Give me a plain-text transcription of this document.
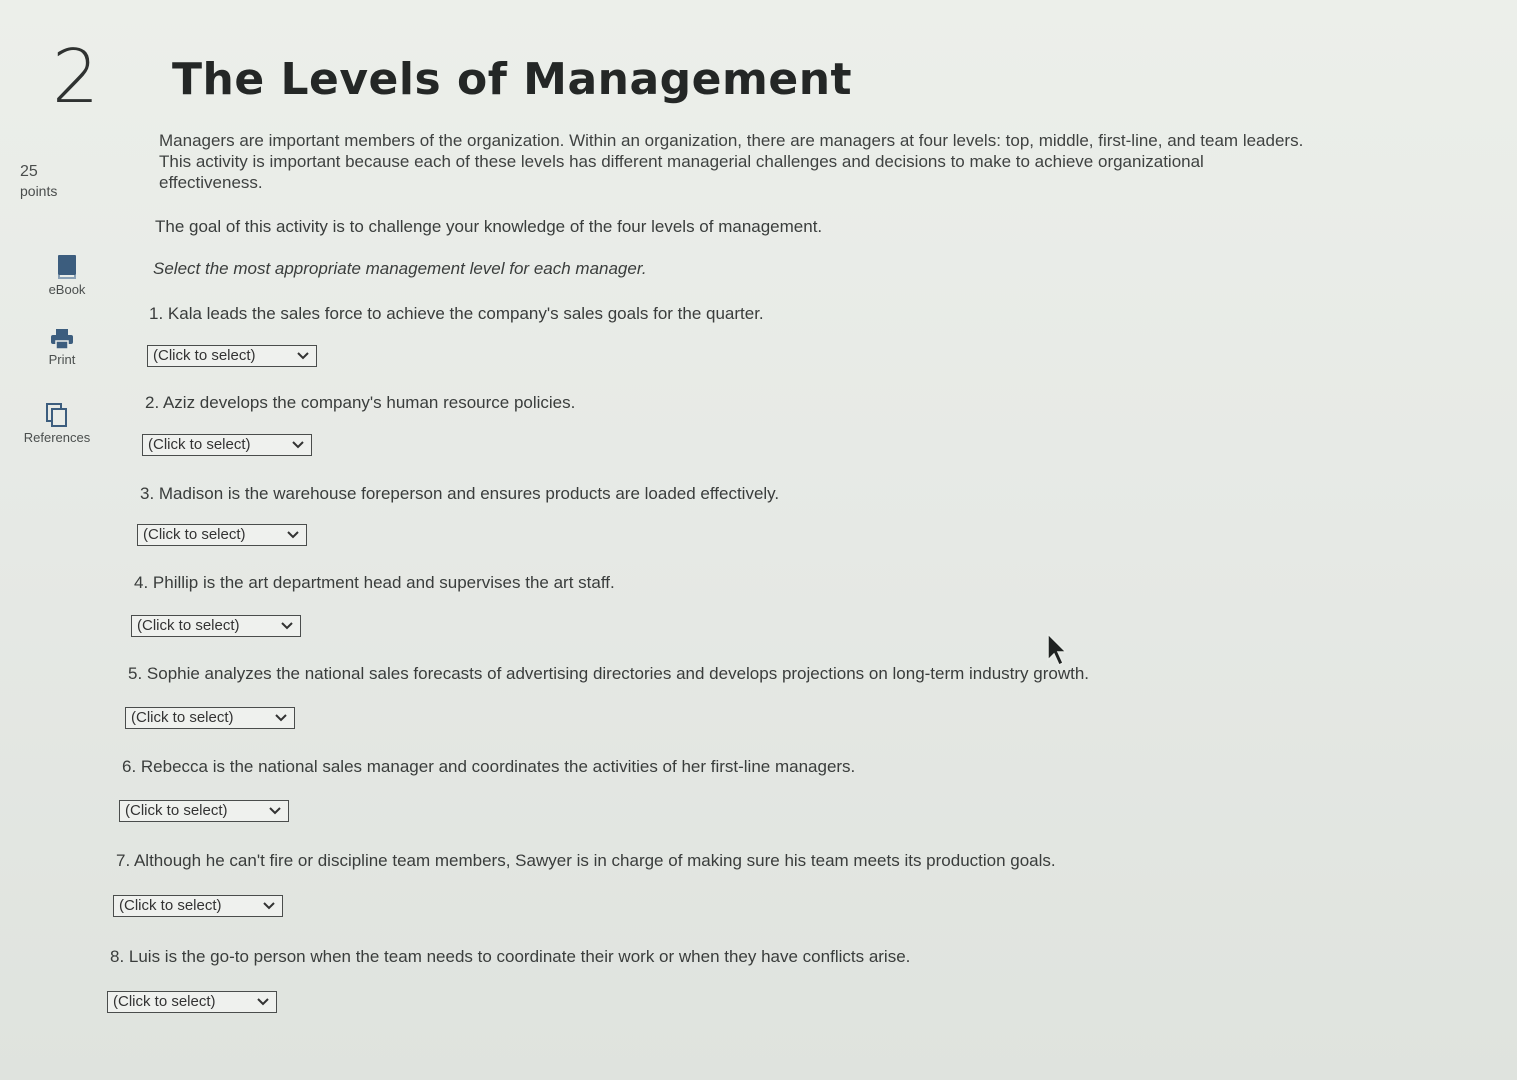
2 The Levels of Management
25
points
eBook
Print
References
Managers are important members of the organization. Within an organization, there are managers at four levels: top, middle, first-line, and team leaders. This activity is important because each of these levels has different managerial challenges and decisions to make to achieve organizational effectiveness.
The goal of this activity is to challenge your knowledge of the four levels of management.
Select the most appropriate management level for each manager.
1. Kala leads the sales force to achieve the company's sales goals for the quarter.
(Click to select)
2. Aziz develops the company's human resource policies.
(Click to select)
3. Madison is the warehouse foreperson and ensures products are loaded effectively.
(Click to select)
4. Phillip is the art department head and supervises the art staff.
(Click to select)
5. Sophie analyzes the national sales forecasts of advertising directories and develops projections on long-term industry growth.
(Click to select)
6. Rebecca is the national sales manager and coordinates the activities of her first-line managers.
(Click to select)
7. Although he can't fire or discipline team members, Sawyer is in charge of making sure his team meets its production goals.
(Click to select)
8. Luis is the go-to person when the team needs to coordinate their work or when they have conflicts arise.
(Click to select)
